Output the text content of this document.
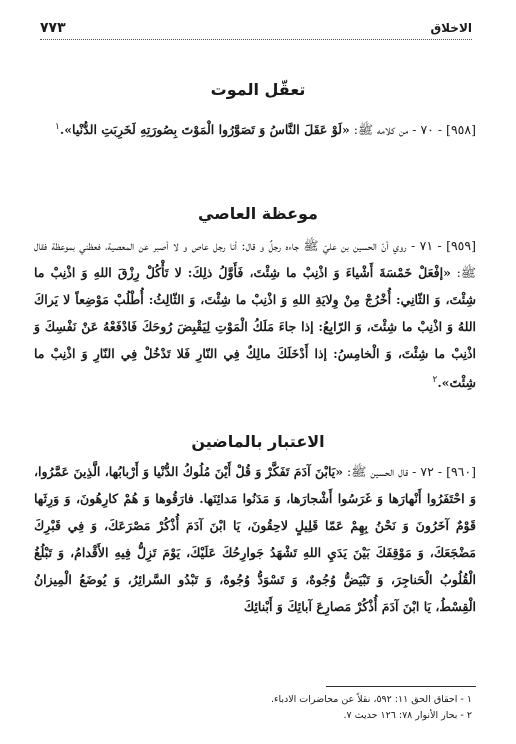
٧٧٣	الاخلاق
تعقّل الموت
[٩٥٨] - ٧٠ - من كلامه ﷺ: «لَوْ عَقَلَ النَّاسُ وَ تَصَوَّرُوا الْمَوْتَ بِصُورَتِهِ لَخَرِبَتِ الدُّنْيا».$^١$
موعظة العاصي
[٩٥٩] - ٧١ - روي أنّ الحسين بن عليّ ﷺ جاءه رجلٌ و قال: أنا رجل عاص و لا أصبر عن المعصية، فعظني بموعظة فقال ﷺ: «إفْعَلْ خَمْسَةَ أَشْياءَ وَ اذْنِبْ ما شِئْتَ، فَأَوَّلُ ذلِكَ: لا تَأْكُلْ رِزْقَ اللهِ وَ اذْنِبْ ما شِئْتَ، وَ الثّانِي: أُخْرُجْ مِنْ وِلايَةِ اللهِ وَ اذْنِبْ ما شِئْتَ، وَ الثّالِثُ: أُطْلُبْ مَوْضِعاً لا يَراكَ اللهُ وَ اذْنِبْ ما شِئْتَ، وَ الرّابِعُ: إذا جاءَ مَلَكُ الْمَوْتِ لِيَقْبِضَ رُوحَكَ فَادْفَعْهُ عَنْ نَفْسِكَ وَ اذْنِبْ ما شِئْتَ، وَ الْخامِسُ: إذا أَدْخَلَكَ مالِكٌ فِي النّارِ فَلا تَدْخُلْ فِي النّارِ وَ اذْنِبْ ما شِئْتَ».$^٢$
الاعتبار بالماضين
[٩٦٠] - ٧٢ - قال الحسين ﷺ: «يَابْنَ آدَمَ تَفَكَّرْ وَ قُلْ أَيْنَ مُلُوكُ الدُّنْيا وَ أَرْبابُها، الَّذِينَ عَمَّرُوا، وَ احْتَفَرُوا أَنْهارَها وَ غَرَسُوا أَشْجارَها، وَ مَدَنُوا مَدائِنَها. فارَقُوها وَ هُمْ كارِهُونَ، وَ وَرِثَها قَوْمٌ آخَرُونَ وَ نَحْنُ بِهِمْ عَمّا قَلِيلٍ لاحِقُونَ، يَا ابْنَ آدَمَ أُذْكُرْ مَصْرَعَكَ، وَ فِي قَبْرِكَ مَضْجَعَكَ، وَ مَوْقِفَكَ بَيْنَ يَدَيِ اللهِ تَشْهَدُ جَوارِحُكَ عَلَيْكَ، يَوْمَ تَزِلُّ فِيهِ الأَقْدامُ، وَ تَبْلُغُ الْقُلُوبُ الْحَناجِرَ، وَ تَبْيَضُّ وُجُوهٌ، وَ تَسْوَدُّ وُجُوهٌ، وَ تَبْدُو السَّرائِرُ، وَ يُوضَعُ الْمِيزانُ الْقِسْطُ، يَا ابْنَ آدَمَ أُذْكُرْ مَصارِعَ آبائِكَ وَ أَبْنائِكَ
١ - احقاق الحق ١١: ٥٩٢، نقلاً عن محاضرات الادباء.
٢ - بحار الأنوار ٧٨: ١٢٦ حديث ٧.
